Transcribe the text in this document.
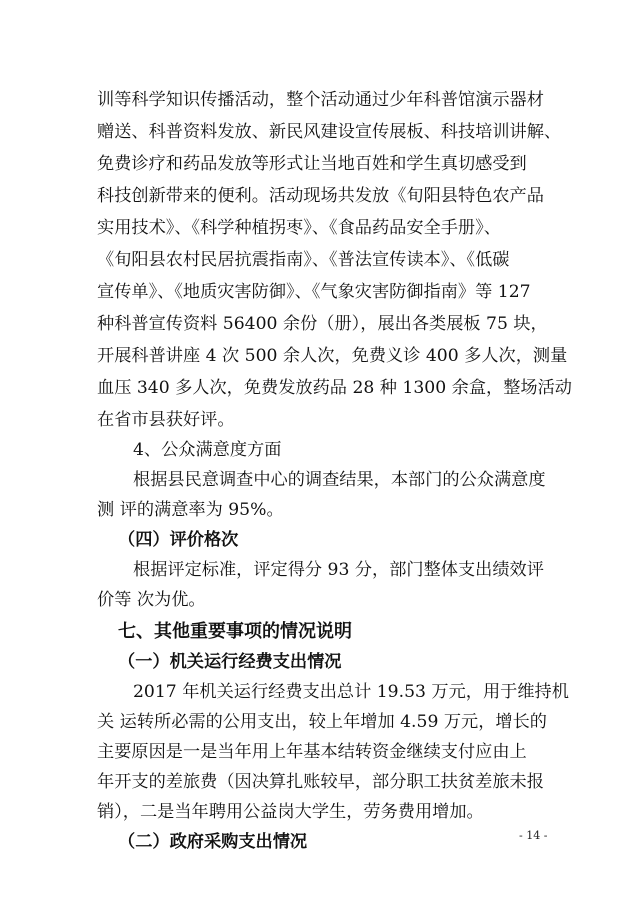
训等科学知识传播活动，整个活动通过少年科普馆演示器材
赠送、科普资料发放、新民风建设宣传展板、科技培训讲解、
免费诊疗和药品发放等形式让当地百姓和学生真切感受到
科技创新带来的便利。活动现场共发放《旬阳县特色农产品
实用技术》、《科学种植拐枣》、《食品药品安全手册》、
《旬阳县农村民居抗震指南》、《普法宣传读本》、《低碳
宣传单》、《地质灾害防御》、《气象灾害防御指南》等 127
种科普宣传资料 56400 余份（册），展出各类展板 75 块，
开展科普讲座 4 次 500 余人次，免费义诊 400 多人次，测量
血压 340 多人次，免费发放药品 28 种 1300 余盒，整场活动
在省市县获好评。
4、公众满意度方面
根据县民意调查中心的调查结果，本部门的公众满意度
测 评的满意率为 95%。
（四）评价格次
根据评定标准，评定得分 93 分，部门整体支出绩效评
价等 次为优。
七、其他重要事项的情况说明
（一）机关运行经费支出情况
2017 年机关运行经费支出总计 19.53 万元，用于维持机
关 运转所必需的公用支出，较上年增加 4.59 万元，增长的
主要原因是一是当年用上年基本结转资金继续支付应由上
年开支的差旅费（因决算扎账较早，部分职工扶贫差旅未报
销），二是当年聘用公益岗大学生，劳务费用增加。
（二）政府采购支出情况	- 14 -
